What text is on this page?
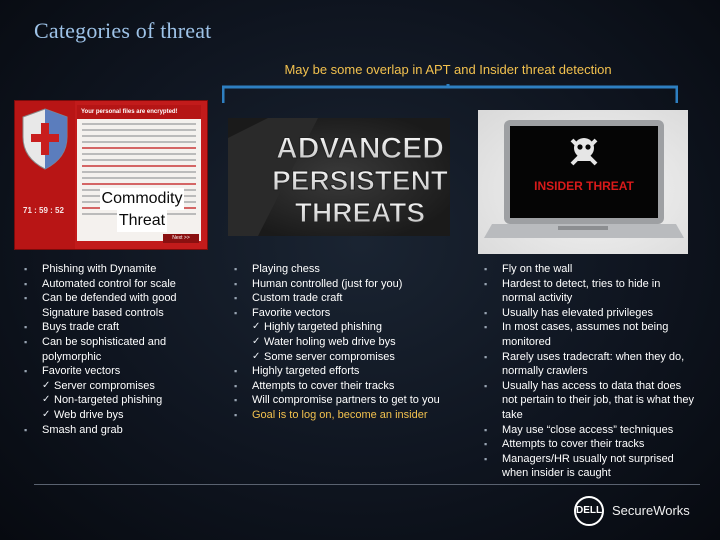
Categories of threat
May be some overlap in APT and Insider threat detection
71 : 59 : 52
Your personal files are encrypted!
Next >>
Commodity
Threat
ADVANCED
PERSISTENT
THREATS
INSIDER THREAT
▪ Phishing with Dynamite
▪ Automated control for scale
▪ Can be defended with good Signature based controls
▪ Buys trade craft
▪ Can be sophisticated and polymorphic
▪ Favorite vectors
✓ Server compromises
✓ Non-targeted phishing
✓ Web drive bys
▪ Smash and grab
▪ Playing chess
▪ Human controlled (just for you)
▪ Custom trade craft
▪ Favorite vectors
✓ Highly targeted phishing
✓ Water holing web drive bys
✓ Some server compromises
▪ Highly targeted efforts
▪ Attempts to cover their tracks
▪ Will compromise partners to get to you
▪ Goal is to log on, become an insider
▪ Fly on the wall
▪ Hardest to detect, tries to hide in normal activity
▪ Usually has elevated privileges
▪ In most cases, assumes not being monitored
▪ Rarely uses tradecraft: when they do, normally crawlers
▪ Usually has access to data that does not pertain to their job, that is what they take
▪ May use “close access” techniques
▪ Attempts to cover their tracks
▪ Managers/HR usually not surprised when insider is caught
DELL SecureWorks
